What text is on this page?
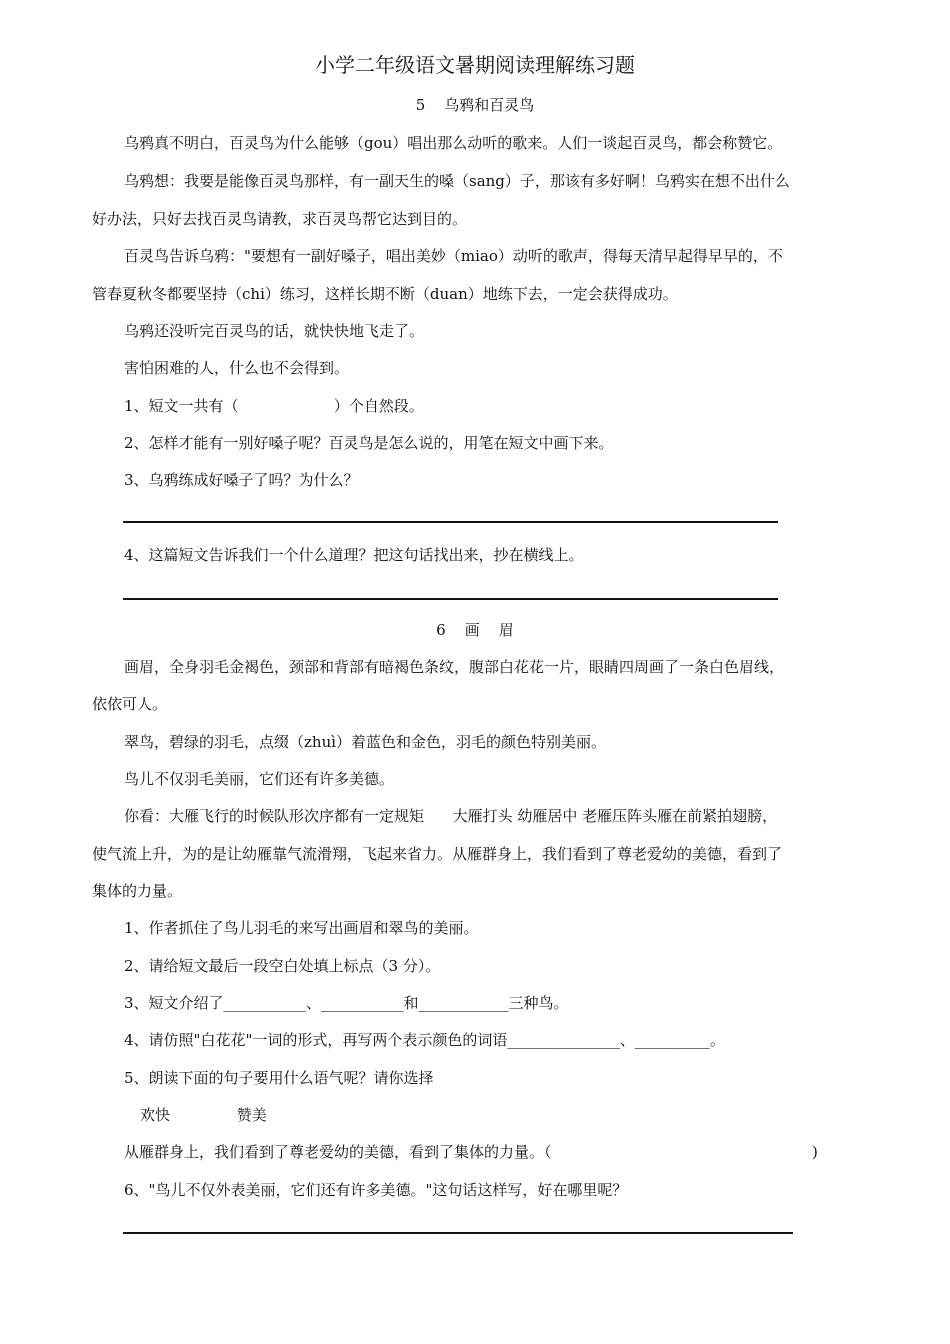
小学二年级语文暑期阅读理解练习题
5    乌鸦和百灵鸟
乌鸦真不明白，百灵鸟为什么能够（gou）唱出那么动听的歌来。人们一谈起百灵鸟，都会称赞它。
乌鸦想：我要是能像百灵鸟那样，有一副天生的嗓（sang）子，那该有多好啊！乌鸦实在想不出什么
好办法，只好去找百灵鸟请教，求百灵鸟帮它达到目的。
百灵鸟告诉乌鸦："要想有一副好嗓子，唱出美妙（miao）动听的歌声，得每天清早起得早早的，不
管春夏秋冬都要坚持（chi）练习，这样长期不断（duan）地练下去，一定会获得成功。
乌鸦还没听完百灵鸟的话，就快快地飞走了。
害怕困难的人，什么也不会得到。
1、短文一共有（                    ）个自然段。
2、怎样才能有一别好嗓子呢？百灵鸟是怎么说的，用笔在短文中画下来。
3、乌鸦练成好嗓子了吗？为什么？
4、这篇短文告诉我们一个什么道理？把这句话找出来，抄在横线上。
6    画    眉
画眉，全身羽毛金褐色，颈部和背部有暗褐色条纹，腹部白花花一片，眼睛四周画了一条白色眉线，
依依可人。
翠鸟，碧绿的羽毛，点缀（zhuì）着蓝色和金色，羽毛的颜色特别美丽。
鸟儿不仅羽毛美丽，它们还有许多美德。
你看：大雁飞行的时候队形次序都有一定规矩      大雁打头 幼雁居中 老雁压阵头雁在前紧拍翅膀，
使气流上升，为的是让幼雁靠气流滑翔，飞起来省力。从雁群身上，我们看到了尊老爱幼的美德，看到了
集体的力量。
1、作者抓住了鸟儿羽毛的来写出画眉和翠鸟的美丽。
2、请给短文最后一段空白处填上标点（3 分）。
3、短文介绍了___________、___________和____________三种鸟。
4、请仿照"白花花"一词的形式，再写两个表示颜色的词语_______________、__________。
5、朗读下面的句子要用什么语气呢？请你选择
欢快              赞美
从雁群身上，我们看到了尊老爱幼的美德，看到了集体的力量。（	)
6、"鸟儿不仅外表美丽，它们还有许多美德。"这句话这样写，好在哪里呢？
